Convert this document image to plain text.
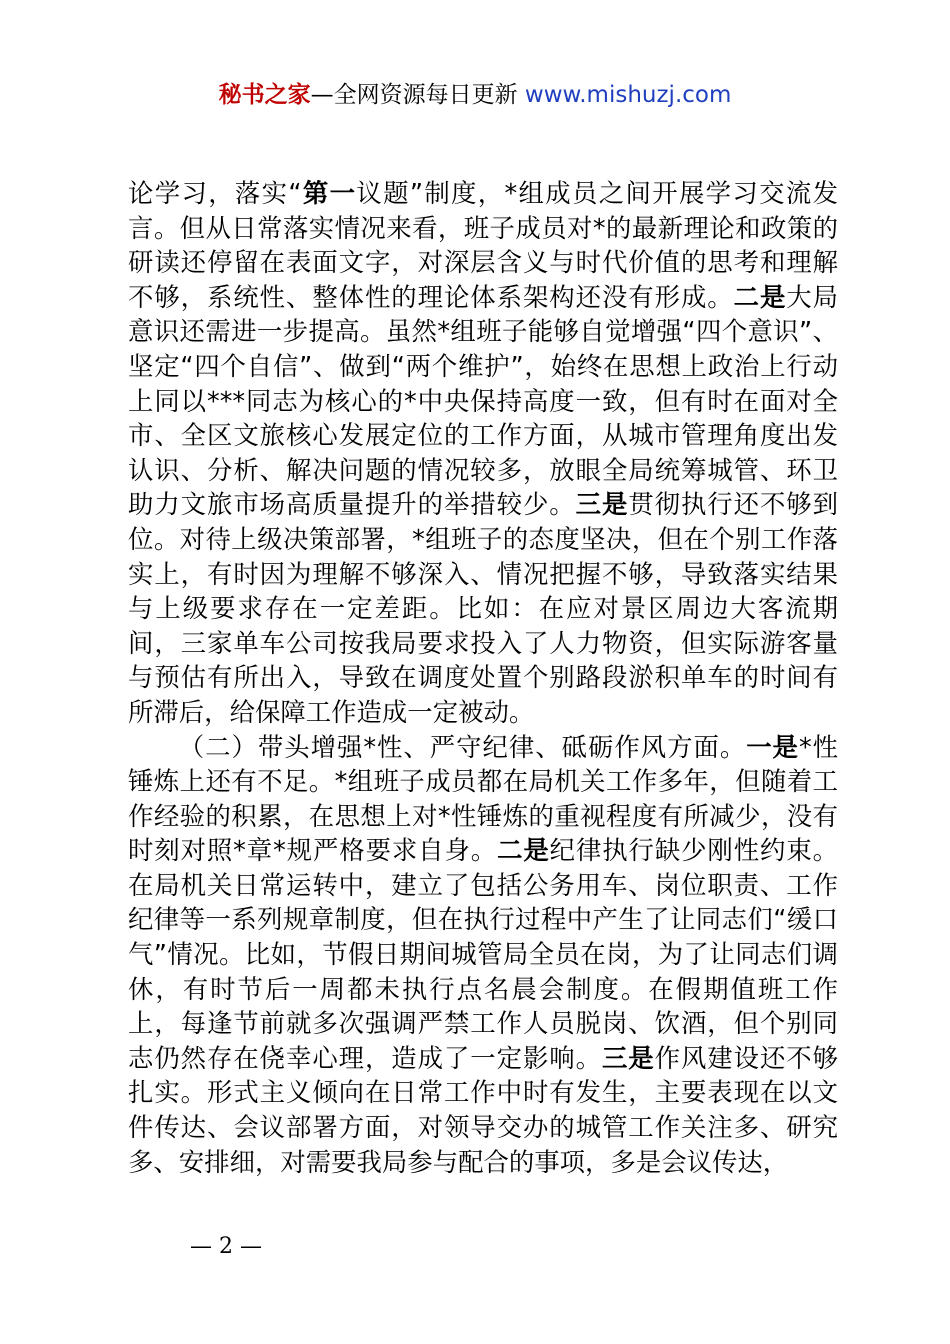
秘书之家—全网资源每日更新 www.mishuzj.com

论学习，落实“第一议题”制度，*组成员之间开展学习交流发言。但从日常落实情况来看，班子成员对*的最新理论和政策的研读还停留在表面文字，对深层含义与时代价值的思考和理解不够，系统性、整体性的理论体系架构还没有形成。二是大局意识还需进一步提高。虽然*组班子能够自觉增强“四个意识”、坚定“四个自信”、做到“两个维护”，始终在思想上政治上行动上同以***同志为核心的*中央保持高度一致，但有时在面对全市、全区文旅核心发展定位的工作方面，从城市管理角度出发认识、分析、解决问题的情况较多，放眼全局统筹城管、环卫助力文旅市场高质量提升的举措较少。三是贯彻执行还不够到位。对待上级决策部署，*组班子的态度坚决，但在个别工作落实上，有时因为理解不够深入、情况把握不够，导致落实结果与上级要求存在一定差距。比如：在应对景区周边大客流期间，三家单车公司按我局要求投入了人力物资，但实际游客量与预估有所出入，导致在调度处置个别路段淤积单车的时间有所滞后，给保障工作造成一定被动。

（二）带头增强*性、严守纪律、砥砺作风方面。一是*性锤炼上还有不足。*组班子成员都在局机关工作多年，但随着工作经验的积累，在思想上对*性锤炼的重视程度有所减少，没有时刻对照*章*规严格要求自身。二是纪律执行缺少刚性约束。在局机关日常运转中，建立了包括公务用车、岗位职责、工作纪律等一系列规章制度，但在执行过程中产生了让同志们“缓口气”情况。比如，节假日期间城管局全员在岗，为了让同志们调休，有时节后一周都未执行点名晨会制度。在假期值班工作上，每逢节前就多次强调严禁工作人员脱岗、饮酒，但个别同志仍然存在侥幸心理，造成了一定影响。三是作风建设还不够扎实。形式主义倾向在日常工作中时有发生，主要表现在以文件传达、会议部署方面，对领导交办的城管工作关注多、研究多、安排细，对需要我局参与配合的事项，多是会议传达，

— 2 —
